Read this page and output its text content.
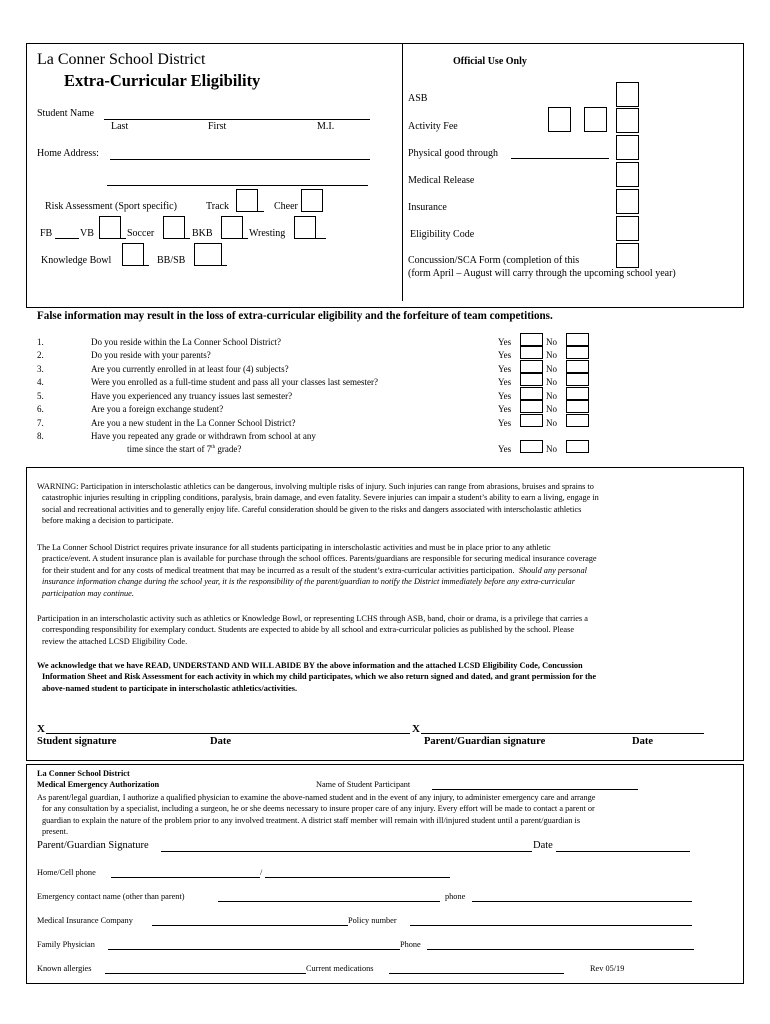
La Conner School District
Extra-Curricular Eligibility
Student Name
Last	First	M.I.
Home Address:
Risk Assessment (Sport specific)	Track	Cheer
FB	VB	Soccer	BKB	Wresting
Knowledge Bowl	BB/SB
Official Use Only
ASB
Activity Fee
Physical good through
Medical Release
Insurance
Eligibility Code
Concussion/SCA Form (completion of this
(form April – August will carry through the upcoming school year)
False information may result in the loss of extra-curricular eligibility and the forfeiture of team competitions.
1.	Do you reside within the La Conner School District?	Yes	No
2.	Do you reside with your parents?	Yes	No
3.	Are you currently enrolled in at least four (4) subjects?	Yes	No
4.	Were you enrolled as a full-time student and pass all your classes last semester?	Yes	No
5.	Have you experienced any truancy issues last semester?	Yes	No
6.	Are you a foreign exchange student?	Yes	No
7.	Are you a new student in the La Conner School District?	Yes	No
8.	Have you repeated any grade or withdrawn from school at any
Yes	No
time since the start of 7th grade?
WARNING: Participation in interscholastic athletics can be dangerous, involving multiple risks of injury. Such injuries can range from abrasions, bruises and sprains to
catastrophic injuries resulting in crippling conditions, paralysis, brain damage, and even fatality. Severe injuries can impair a student’s ability to earn a living, engage in
social and recreational activities and to generally enjoy life. Careful consideration should be given to the risks and dangers associated with interscholastic athletics
before making a decision to participate.
The La Conner School District requires private insurance for all students participating in interscholastic activities and must be in place prior to any athletic
practice/event. A student insurance plan is available for purchase through the school offices. Parents/guardians are responsible for securing medical insurance coverage
for their student and for any costs of medical treatment that may be incurred as a result of the student’s extra-curricular activities participation. Should any personal
insurance information change during the school year, it is the responsibility of the parent/guardian to notify the District immediately before any extra-curricular
participation may continue.
Participation in an interscholastic activity such as athletics or Knowledge Bowl, or representing LCHS through ASB, band, choir or drama, is a privilege that carries a
corresponding responsibility for exemplary conduct. Students are expected to abide by all school and extra-curricular policies as published by the school. Please
review the attached LCSD Eligibility Code.
We acknowledge that we have READ, UNDERSTAND AND WILL ABIDE BY the above information and the attached LCSD Eligibility Code, Concussion
Information Sheet and Risk Assessment for each activity in which my child participates, which we also return signed and dated, and grant permission for the
above-named student to participate in interscholastic athletics/activities.
X	X
Student signature	Date	Parent/Guardian signature	Date
La Conner School District
Medical Emergency Authorization	Name of Student Participant
As parent/legal guardian, I authorize a qualified physician to examine the above-named student and in the event of any injury, to administer emergency care and arrange
for any consultation by a specialist, including a surgeon, he or she deems necessary to insure proper care of any injury. Every effort will be made to contact a parent or
guardian to explain the nature of the problem prior to any involved treatment. A district staff member will remain with ill/injured student until a parent/guardian is
present.
Parent/Guardian Signature	Date
Home/Cell phone	/
Emergency contact name (other than parent)	phone
Medical Insurance Company	Policy number
Family Physician	Phone
Known allergies	Current medications	Rev 05/19
